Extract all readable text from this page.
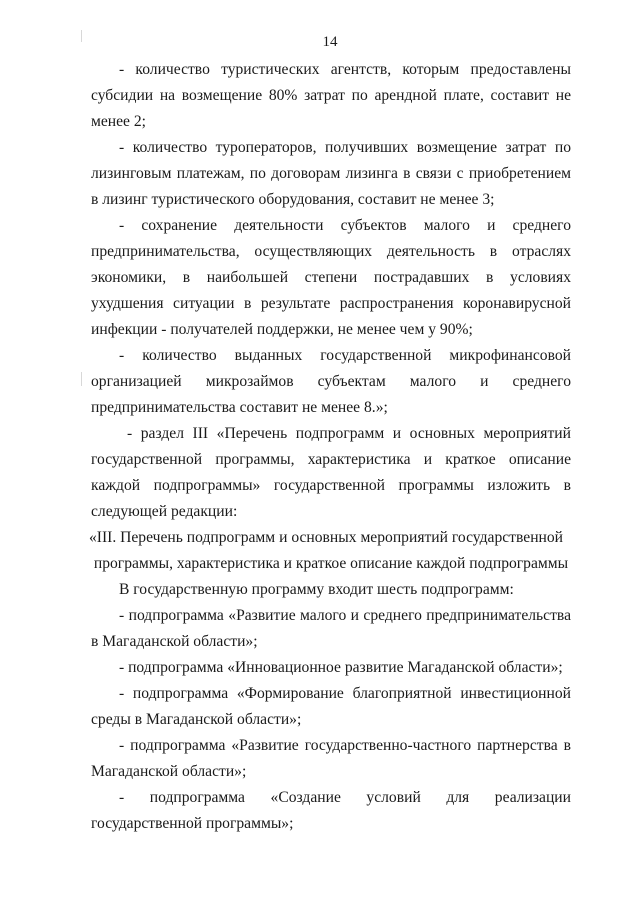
14

- количество туристических агентств, которым предоставлены субсидии на возмещение 80% затрат по арендной плате, составит не менее 2;

- количество туроператоров, получивших возмещение затрат по лизинговым платежам, по договорам лизинга в связи с приобретением в лизинг туристического оборудования, составит не менее 3;

- сохранение деятельности субъектов малого и среднего предпринимательства, осуществляющих деятельность в отраслях экономики, в наибольшей степени пострадавших в условиях ухудшения ситуации в результате распространения коронавирусной инфекции - получателей поддержки, не менее чем у 90%;

- количество выданных государственной микрофинансовой организацией микрозаймов субъектам малого и среднего предпринимательства составит не менее 8.»;

- раздел III «Перечень подпрограмм и основных мероприятий государственной программы, характеристика и краткое описание каждой подпрограммы» государственной программы изложить в следующей редакции:

«III. Перечень подпрограмм и основных мероприятий государственной
программы, характеристика и краткое описание каждой подпрограммы

В государственную программу входит шесть подпрограмм:

- подпрограмма «Развитие малого и среднего предпринимательства в Магаданской области»;

- подпрограмма «Инновационное развитие Магаданской области»;

- подпрограмма «Формирование благоприятной инвестиционной среды в Магаданской области»;

- подпрограмма «Развитие государственно-частного партнерства в Магаданской области»;

- подпрограмма «Создание условий для реализации государственной программы»;
